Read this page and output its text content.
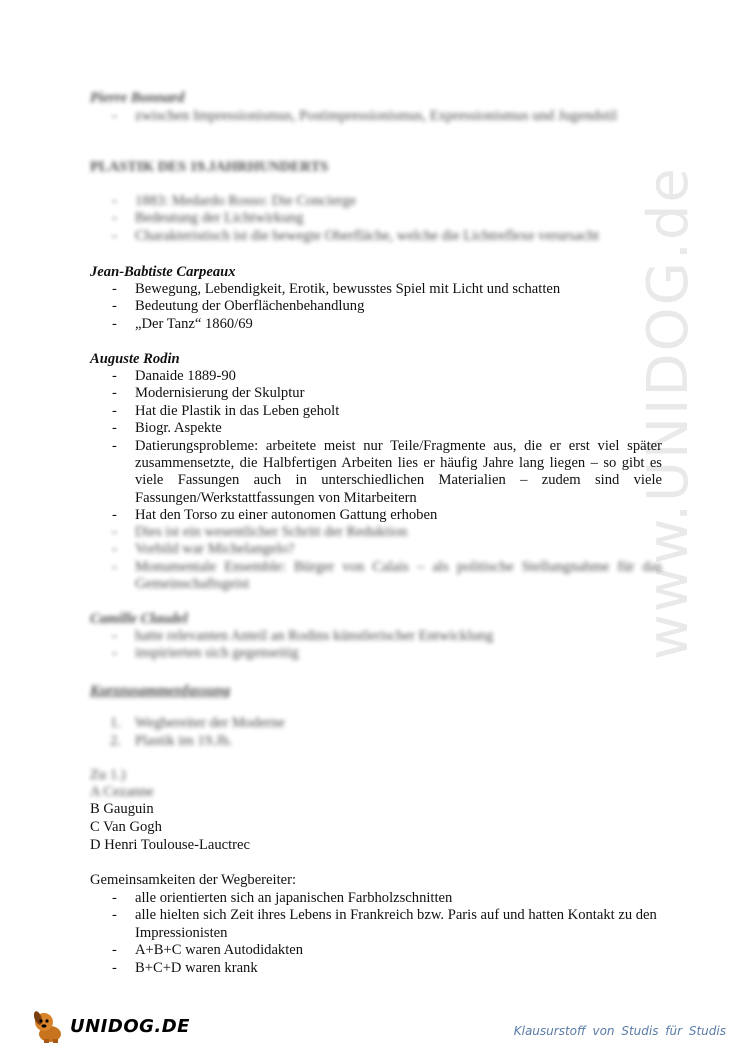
www.UNIDOG.de
Pierre Bonnard
- zwischen Impressionismus, Postimpressionismus, Expressionismus und Jugendstil
PLASTIK DES 19.JAHRHUNDERTS
- 1883: Medardo Rosso: Die Concierge
- Bedeutung der Lichtwirkung
- Charakteristisch ist die bewegte Oberfläche, welche die Lichtreflexe verursacht
Jean-Babtiste Carpeaux
- Bewegung, Lebendigkeit, Erotik, bewusstes Spiel mit Licht und schatten
- Bedeutung der Oberflächenbehandlung
- „Der Tanz“ 1860/69
Auguste Rodin
- Danaide 1889-90
- Modernisierung der Skulptur
- Hat die Plastik in das Leben geholt
- Biogr. Aspekte
- Datierungsprobleme: arbeitete meist nur Teile/Fragmente aus, die er erst viel später zusammensetzte, die Halbfertigen Arbeiten lies er häufig Jahre lang liegen – so gibt es viele Fassungen auch in unterschiedlichen Materialien – zudem sind viele Fassungen/Werkstattfassungen von Mitarbeitern
- Hat den Torso zu einer autonomen Gattung erhoben
- Dies ist ein wesentlicher Schritt der Reduktion
- Vorbild war Michelangelo?
- Monumentale Ensemble: Bürger von Calais – als politische Stellungnahme für das Gemeinschaftsgeist
Camille Claudel
- hatte relevanten Anteil an Rodins künstlerischer Entwicklung
- inspirierten sich gegenseitig
Kurzzusammenfassung
1. Wegbereiter der Moderne
2. Plastik im 19.Jh.
Zu 1.)
A Cezanne
B Gauguin
C Van Gogh
D Henri Toulouse-Lauctrec
Gemeinsamkeiten der Wegbereiter:
- alle orientierten sich an japanischen Farbholzschnitten
- alle hielten sich Zeit ihres Lebens in Frankreich bzw. Paris auf und hatten Kontakt zu den Impressionisten
- A+B+C waren Autodidakten
- B+C+D waren krank
UNIDOG.DE	Klausurstoff von Studis für Studis
